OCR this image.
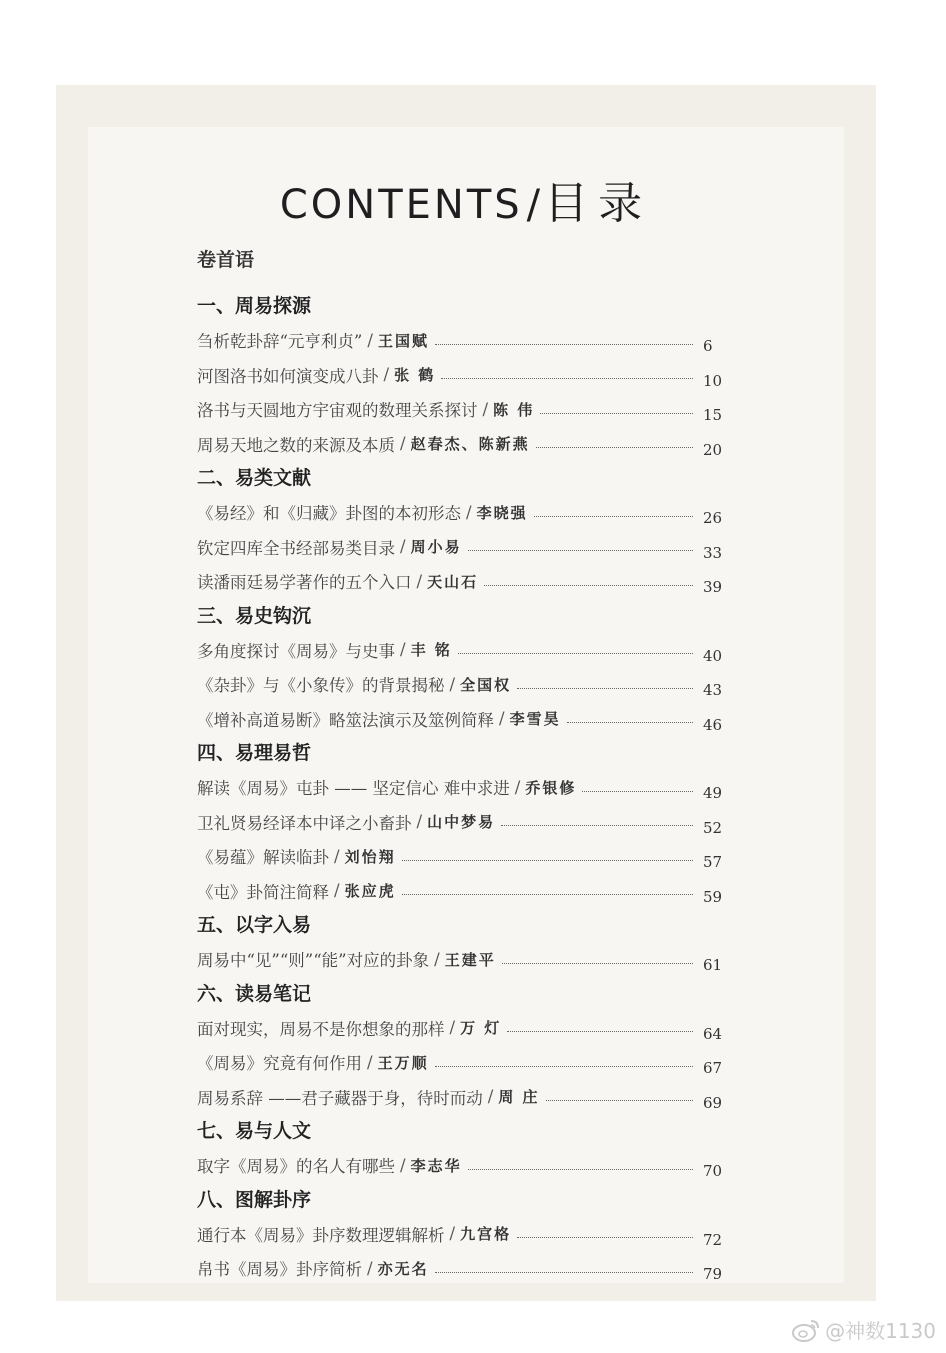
CONTENTS /目录
卷首语
一、周易探源
刍析乾卦辞“元亨利贞” / 王国赋	6
河图洛书如何演变成八卦 / 张 鹤	10
洛书与天圆地方宇宙观的数理关系探讨 / 陈 伟	15
周易天地之数的来源及本质 / 赵春杰、陈新燕	20
二、易类文献
《易经》和《归藏》卦图的本初形态 / 李晓强	26
钦定四库全书经部易类目录 / 周小易	33
读潘雨廷易学著作的五个入口 / 天山石	39
三、易史钩沉
多角度探讨《周易》与史事 / 丰 铭	40
《杂卦》与《小象传》的背景揭秘 / 全国权	43
《增补高道易断》略筮法演示及筮例简释 / 李雪昊	46
四、易理易哲
解读《周易》屯卦 —— 坚定信心 难中求进 / 乔银修	49
卫礼贤易经译本中译之小畜卦 / 山中梦易	52
《易蕴》解读临卦 / 刘怡翔	57
《屯》卦简注简释 / 张应虎	59
五、以字入易
周易中“见”“则”“能”对应的卦象 / 王建平	61
六、读易笔记
面对现实，周易不是你想象的那样 / 万 灯	64
《周易》究竟有何作用 / 王万顺	67
周易系辞 ——君子藏器于身，待时而动 / 周 庄	69
七、易与人文
取字《周易》的名人有哪些 / 李志华	70
八、图解卦序
通行本《周易》卦序数理逻辑解析 / 九宫格	72
帛书《周易》卦序简析 / 亦无名	79
@神数1130
